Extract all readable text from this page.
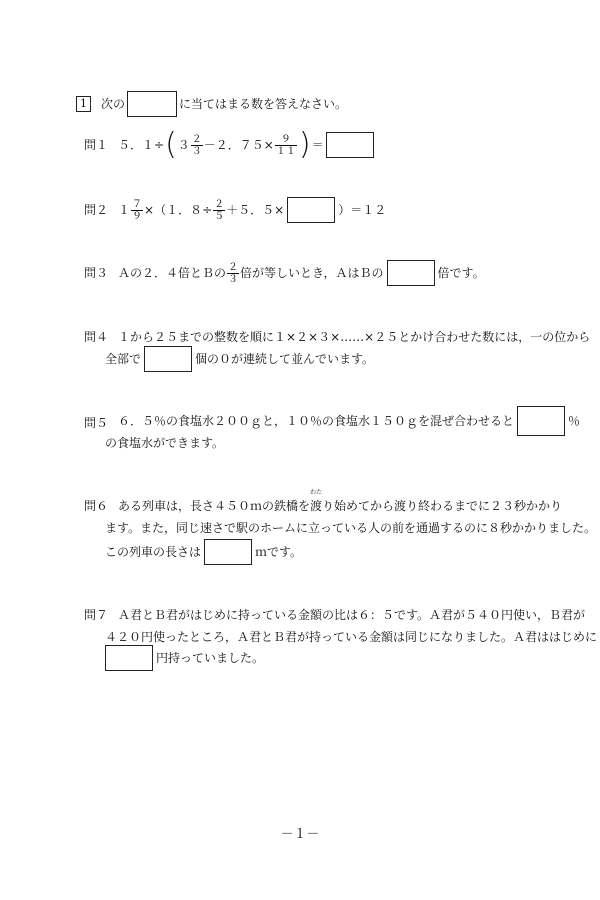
1	次の	に当てはまる数を答えなさい。
問１ ５．１÷ ( $3 \frac{2}{3} -2$．$75\times \frac{9}{11}$ ) ＝
問２ $1 \frac{7}{9} \times(1$．$8\div \frac{2}{5} +5$．５×	）＝１２
問３ Ａの２．４倍とＢの $\frac{2}{3}$ 倍が等しいとき，ＡはＢの	倍です。
問４ １から２５までの整数を順に１×２×３×……×２５とかけ合わせた数には，一の位から
全部で	個の０が連続して並んでいます。
問５ ６．５％の食塩水２００ｇと，１０％の食塩水１５０ｇを混ぜ合わせると	％
の食塩水ができます。
問６ ある列車は，長さ４５０ｍの鉄橋を
わた
渡 り始めてから渡り終わるまでに２３秒かかり
ます。また，同じ速さで駅のホームに立っている人の前を通過するのに８秒かかりました。
この列車の長さは	ｍです。
問７ Ａ君とＢ君がはじめに持っている金額の比は６：５です。Ａ君が５４０円使い，Ｂ君が
４２０円使ったところ，Ａ君とＢ君が持っている金額は同じになりました。Ａ君ははじめに
円持っていました。
－１－
